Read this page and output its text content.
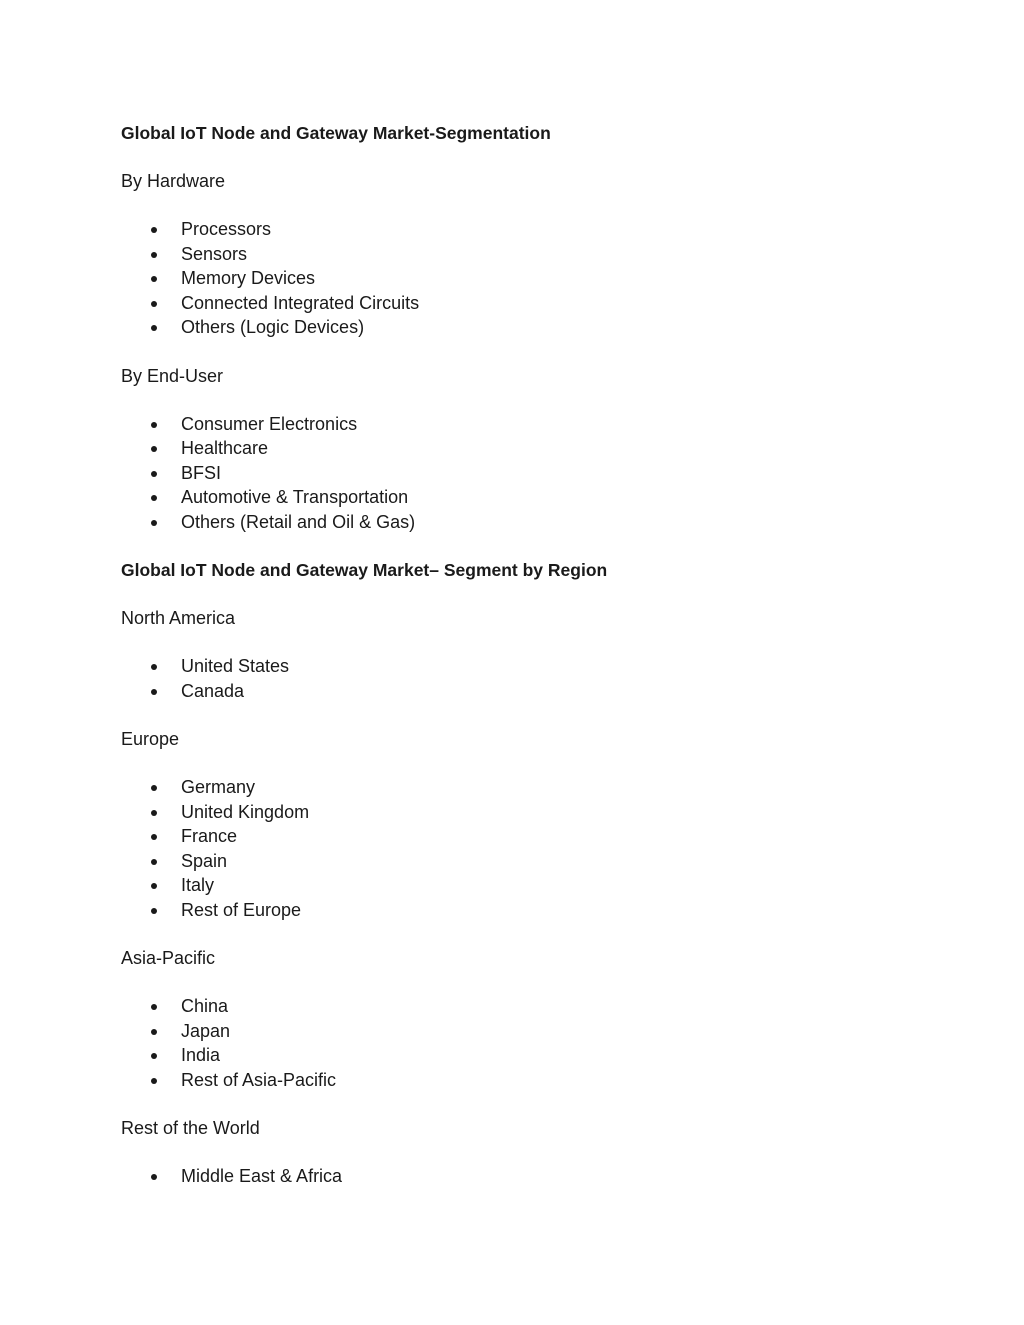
Global IoT Node and Gateway Market-Segmentation

By Hardware

Processors
Sensors
Memory Devices
Connected Integrated Circuits
Others (Logic Devices)

By End-User

Consumer Electronics
Healthcare
BFSI
Automotive & Transportation
Others (Retail and Oil & Gas)

Global IoT Node and Gateway Market– Segment by Region

North America

United States
Canada

Europe

Germany
United Kingdom
France
Spain
Italy
Rest of Europe

Asia-Pacific

China
Japan
India
Rest of Asia-Pacific

Rest of the World

Middle East & Africa
